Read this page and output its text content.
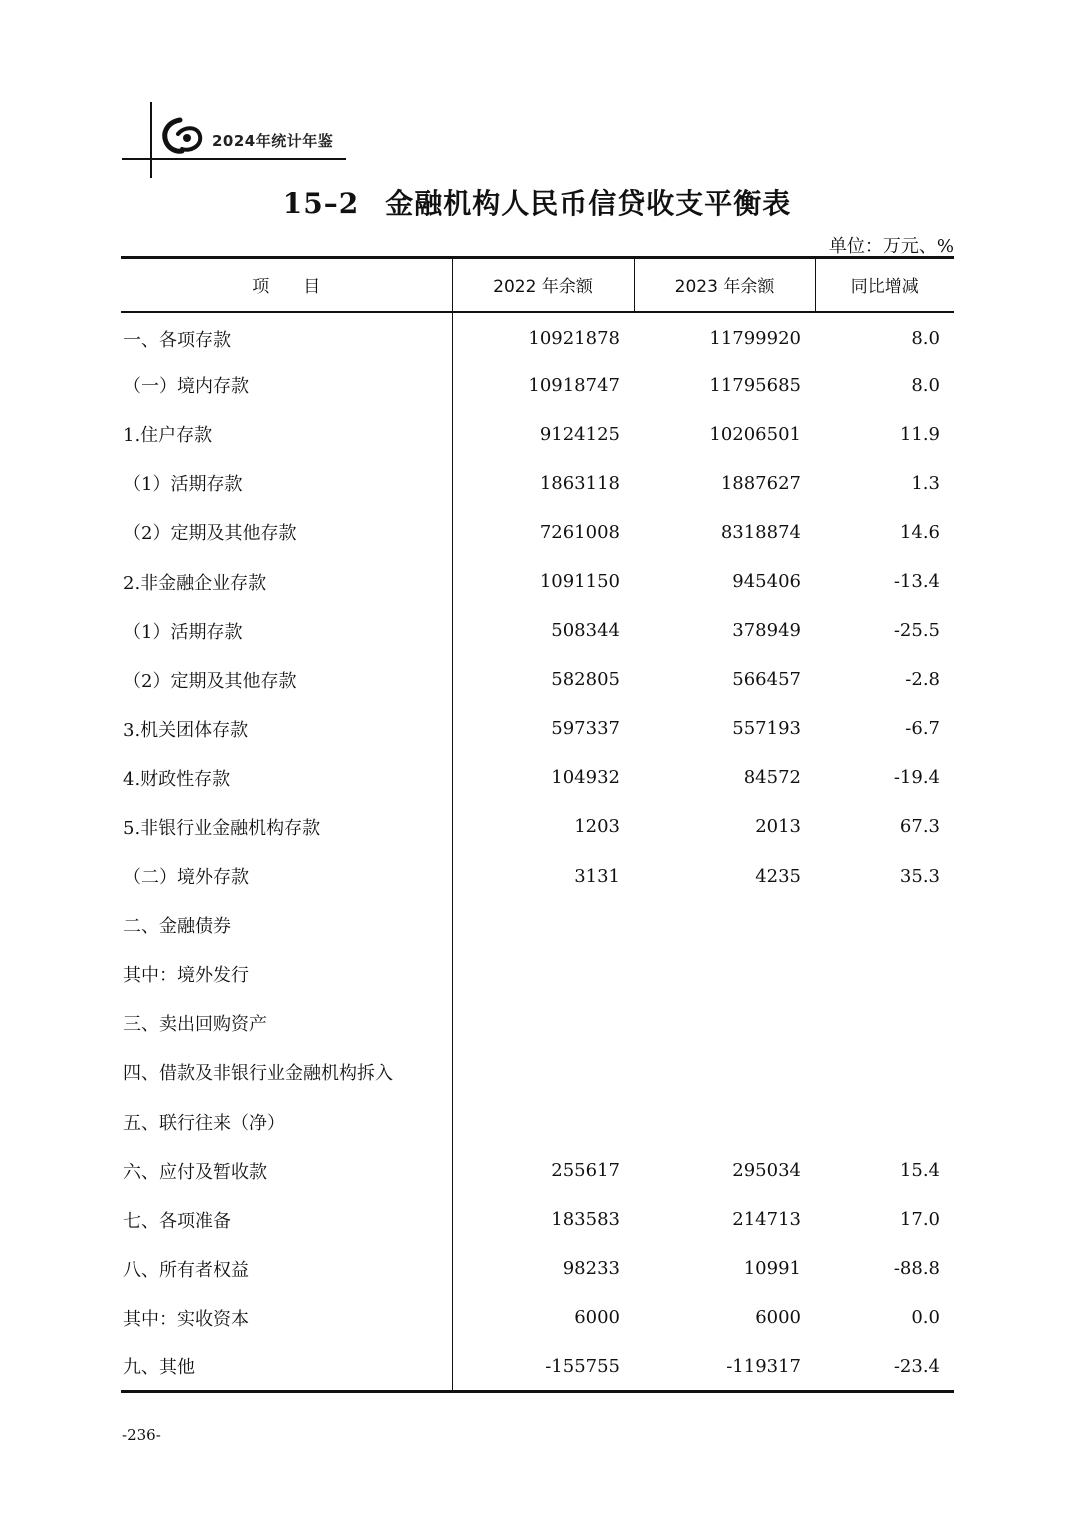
2024年统计年鉴
15–2 金融机构人民币信贷收支平衡表
单位：万元、%
项　　目	2022 年余额	2023 年余额	同比增减
一、各项存款	10921878	11799920	8.0
（一）境内存款	10918747	11795685	8.0
1.住户存款	9124125	10206501	11.9
（1）活期存款	1863118	1887627	1.3
（2）定期及其他存款	7261008	8318874	14.6
2.非金融企业存款	1091150	945406	-13.4
（1）活期存款	508344	378949	-25.5
（2）定期及其他存款	582805	566457	-2.8
3.机关团体存款	597337	557193	-6.7
4.财政性存款	104932	84572	-19.4
5.非银行业金融机构存款	1203	2013	67.3
（二）境外存款	3131	4235	35.3
二、金融债券			
其中：境外发行			
三、卖出回购资产			
四、借款及非银行业金融机构拆入			
五、联行往来（净）			
六、应付及暂收款	255617	295034	15.4
七、各项准备	183583	214713	17.0
八、所有者权益	98233	10991	-88.8
其中：实收资本	6000	6000	0.0
九、其他	-155755	-119317	-23.4
-236-
